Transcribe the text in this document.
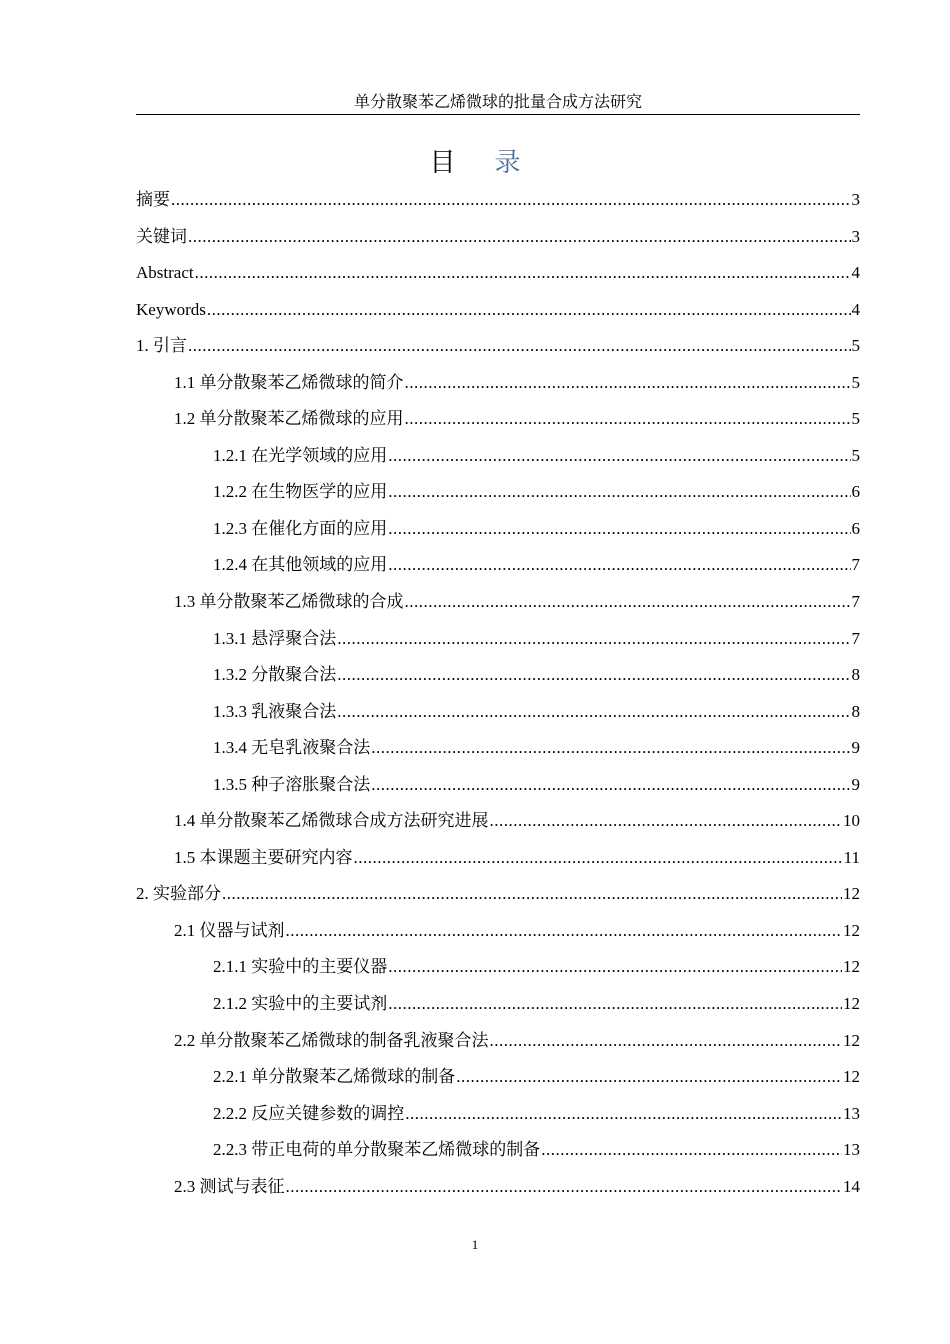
单分散聚苯乙烯微球的批量合成方法研究
目 录
摘要 .....	3
关键词 .....	3
Abstract .....	4
Keywords .....	4
1. 引言 .....	5
1.1 单分散聚苯乙烯微球的简介 .....	5
1.2 单分散聚苯乙烯微球的应用 .....	5
1.2.1 在光学领域的应用 .....	5
1.2.2 在生物医学的应用 .....	6
1.2.3 在催化方面的应用 .....	6
1.2.4 在其他领域的应用 .....	7
1.3 单分散聚苯乙烯微球的合成 .....	7
1.3.1 悬浮聚合法 .....	7
1.3.2 分散聚合法 .....	8
1.3.3 乳液聚合法 .....	8
1.3.4 无皂乳液聚合法 .....	9
1.3.5 种子溶胀聚合法 .....	9
1.4 单分散聚苯乙烯微球合成方法研究进展 .....	10
1.5 本课题主要研究内容 .....	11
2. 实验部分 .....	12
2.1 仪器与试剂 .....	12
2.1.1 实验中的主要仪器 .....	12
2.1.2 实验中的主要试剂 .....	12
2.2 单分散聚苯乙烯微球的制备乳液聚合法 .....	12
2.2.1 单分散聚苯乙烯微球的制备 .....	12
2.2.2 反应关键参数的调控 .....	13
2.2.3 带正电荷的单分散聚苯乙烯微球的制备 .....	13
2.3 测试与表征 .....	14
1
